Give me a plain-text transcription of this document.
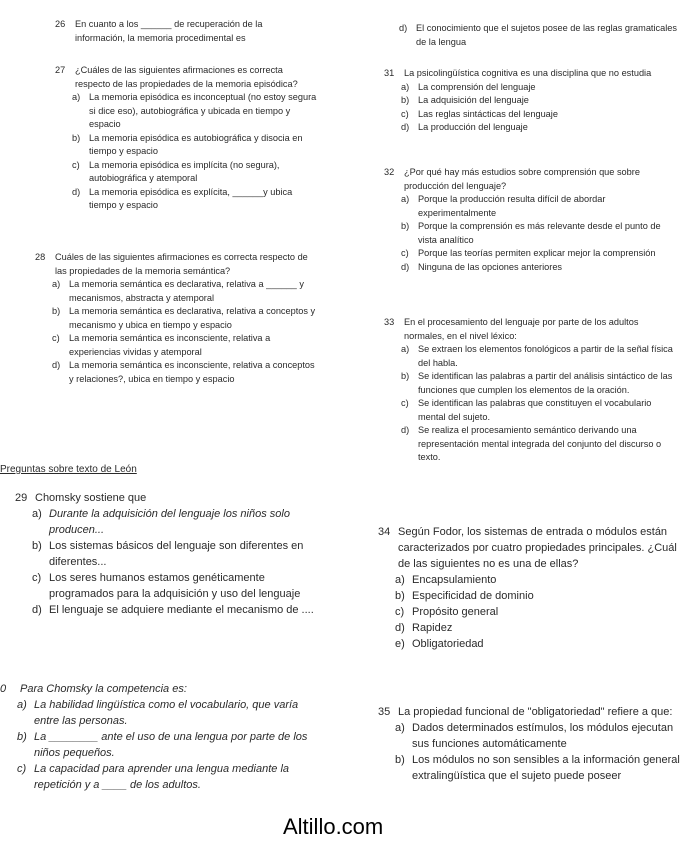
26 En cuanto a los ______ de recuperación de la información, la memoria procedimental es
27 ¿Cuáles de las siguientes afirmaciones es correcta respecto de las propiedades de la memoria episódica?
a) La memoria episódica es inconceptual (no estoy segura si dice eso), autobiográfica y ubicada en tiempo y espacio
b) La memoria episódica es autobiográfica y disocia en tiempo y espacio
c) La memoria episódica es implícita (no segura), autobiográfica y atemporal
d) La memoria episódica es explícita, ______y ubica tiempo y espacio
28 Cuáles de las siguientes afirmaciones es correcta respecto de las propiedades de la memoria semántica?
a) La memoria semántica es declarativa, relativa a ______ y mecanismos, abstracta y atemporal
b) La memoria semántica es declarativa, relativa a conceptos y mecanismo y ubica en tiempo y espacio
c) La memoria semántica es inconsciente, relativa a experiencias vividas y atemporal
d) La memoria semántica es inconsciente, relativa a conceptos y relaciones?, ubica en tiempo y espacio
Preguntas sobre texto de León
29 Chomsky sostiene que
a) Durante la adquisición del lenguaje los niños solo producen...
b) Los sistemas básicos del lenguaje son diferentes en diferentes...
c) Los seres humanos estamos genéticamente programados para la adquisición y uso del lenguaje
d) El lenguaje se adquiere mediante el mecanismo de ....
0 Para Chomsky la competencia es:
a) La habilidad lingüística como el vocabulario, que varía entre las personas.
b) La ________ ante el uso de una lengua por parte de los niños pequeños.
c) La capacidad para aprender una lengua mediante la repetición y a ____ de los adultos.
d) El conocimiento que el sujetos posee de las reglas gramaticales de la lengua
31 La psicolingüística cognitiva es una disciplina que no estudia
a) La comprensión del lenguaje
b) La adquisición del lenguaje
c) Las reglas sintácticas del lenguaje
d) La producción del lenguaje
32 ¿Por qué hay más estudios sobre comprensión que sobre producción del lenguaje?
a) Porque la producción resulta difícil de abordar experimentalmente
b) Porque la comprensión es más relevante desde el punto de vista analítico
c) Porque las teorías permiten explicar mejor la comprensión
d) Ninguna de las opciones anteriores
33 En el procesamiento del lenguaje por parte de los adultos normales, en el nivel léxico:
a) Se extraen los elementos fonológicos a partir de la señal física del habla.
b) Se identifican las palabras a partir del análisis sintáctico de las funciones que cumplen los elementos de la oración.
c) Se identifican las palabras que constituyen el vocabulario mental del sujeto.
d) Se realiza el procesamiento semántico derivando una representación mental integrada del conjunto del discurso o texto.
34 Según Fodor, los sistemas de entrada o módulos están caracterizados por cuatro propiedades principales. ¿Cuál de las siguientes no es una de ellas?
a) Encapsulamiento
b) Especificidad de dominio
c) Propósito general
d) Rapidez
e) Obligatoriedad
35 La propiedad funcional de "obligatoriedad" refiere a que:
a) Dados determinados estímulos, los módulos ejecutan sus funciones automáticamente
b) Los módulos no son sensibles a la información general extralingüística que el sujeto puede poseer
Altillo.com
